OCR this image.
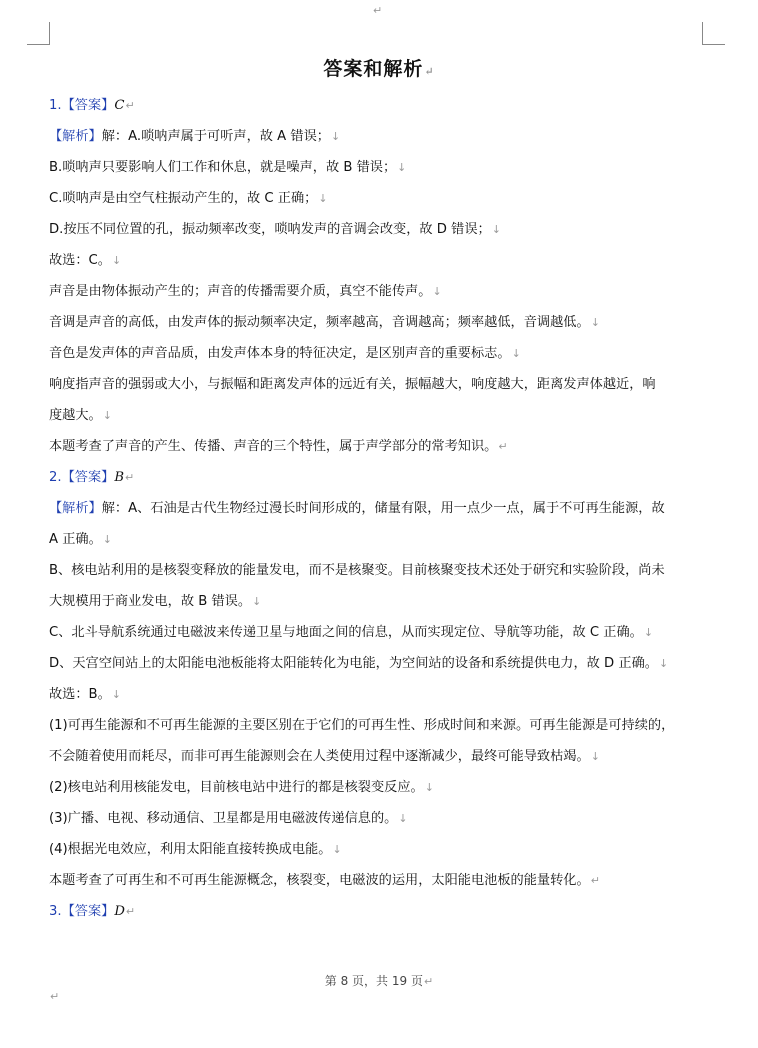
↵
答案和解析↵
1.【答案】C↵
【解析】解：A.唢呐声属于可听声，故 A 错误；↓
B.唢呐声只要影响人们工作和休息，就是噪声，故 B 错误；↓
C.唢呐声是由空气柱振动产生的，故 C 正确；↓
D.按压不同位置的孔，振动频率改变，唢呐发声的音调会改变，故 D 错误；↓
故选：C。↓
声音是由物体振动产生的；声音的传播需要介质，真空不能传声。↓
音调是声音的高低，由发声体的振动频率决定，频率越高，音调越高；频率越低，音调越低。↓
音色是发声体的声音品质，由发声体本身的特征决定，是区别声音的重要标志。↓
响度指声音的强弱或大小，与振幅和距离发声体的远近有关，振幅越大，响度越大，距离发声体越近，响
度越大。↓
本题考查了声音的产生、传播、声音的三个特性，属于声学部分的常考知识。↵
2.【答案】B↵
【解析】解：A、石油是古代生物经过漫长时间形成的，储量有限，用一点少一点，属于不可再生能源，故
A 正确。↓
B、核电站利用的是核裂变释放的能量发电，而不是核聚变。目前核聚变技术还处于研究和实验阶段，尚未
大规模用于商业发电，故 B 错误。↓
C、北斗导航系统通过电磁波来传递卫星与地面之间的信息，从而实现定位、导航等功能，故 C 正确。↓
D、天宫空间站上的太阳能电池板能将太阳能转化为电能，为空间站的设备和系统提供电力，故 D 正确。↓
故选：B。↓
(1)可再生能源和不可再生能源的主要区别在于它们的可再生性、形成时间和来源。可再生能源是可持续的，
不会随着使用而耗尽，而非可再生能源则会在人类使用过程中逐渐减少，最终可能导致枯竭。↓
(2)核电站利用核能发电，目前核电站中进行的都是核裂变反应。↓
(3)广播、电视、移动通信、卫星都是用电磁波传递信息的。↓
(4)根据光电效应，利用太阳能直接转换成电能。↓
本题考查了可再生和不可再生能源概念，核裂变，电磁波的运用，太阳能电池板的能量转化。↵
3.【答案】D↵
第 8 页，共 19 页↵
↵
